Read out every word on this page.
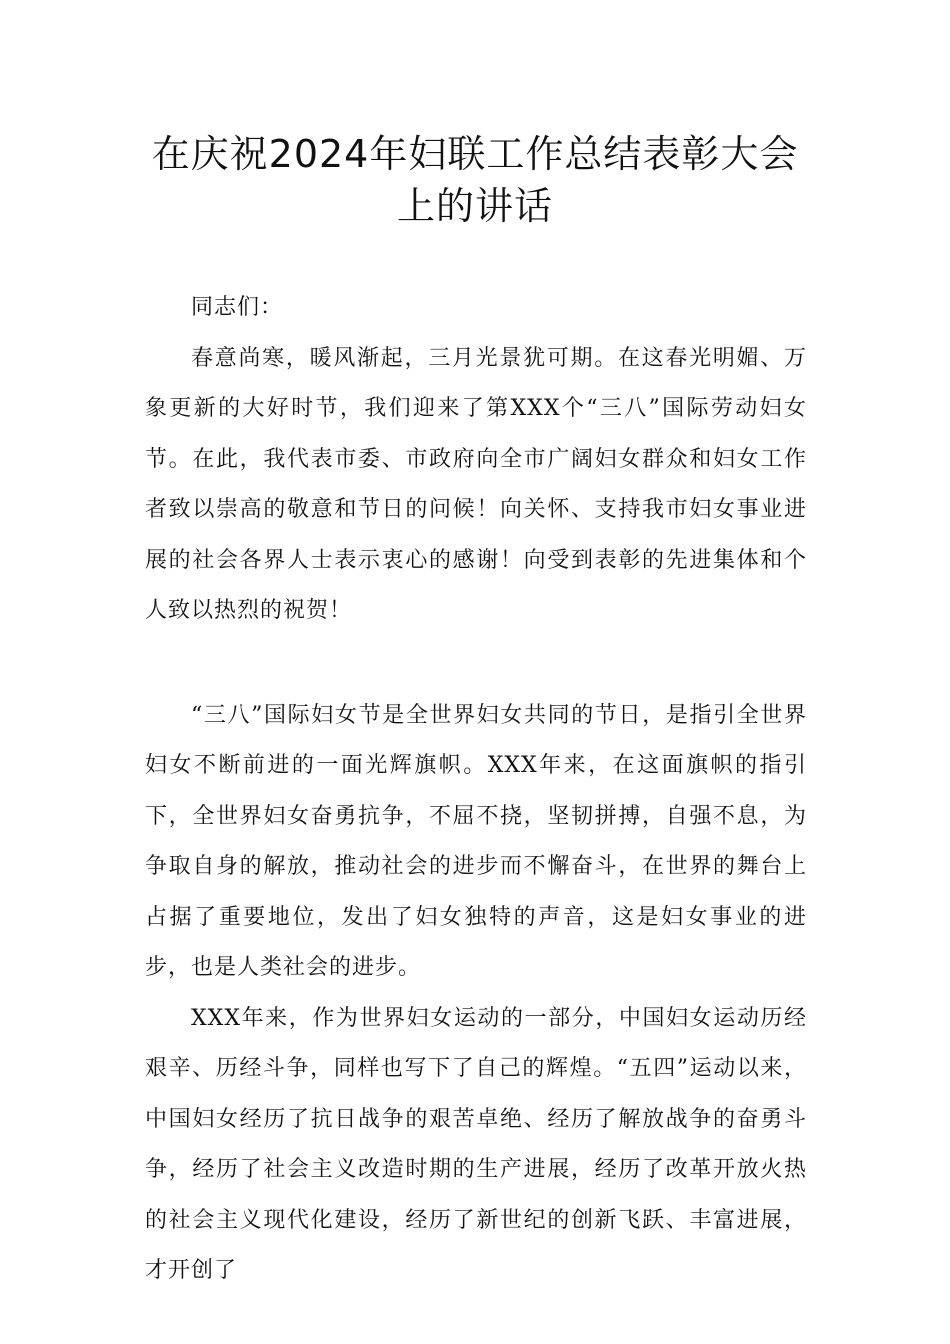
在庆祝2024年妇联工作总结表彰大会
上的讲话

同志们：

春意尚寒，暖风渐起，三月光景犹可期。在这春光明媚、万象更新的大好时节，我们迎来了第XXX个“三八”国际劳动妇女节。在此，我代表市委、市政府向全市广阔妇女群众和妇女工作者致以崇高的敬意和节日的问候！向关怀、支持我市妇女事业进展的社会各界人士表示衷心的感谢！向受到表彰的先进集体和个人致以热烈的祝贺！

“三八”国际妇女节是全世界妇女共同的节日，是指引全世界妇女不断前进的一面光辉旗帜。XXX年来，在这面旗帜的指引下，全世界妇女奋勇抗争，不屈不挠，坚韧拼搏，自强不息，为争取自身的解放，推动社会的进步而不懈奋斗，在世界的舞台上占据了重要地位，发出了妇女独特的声音，这是妇女事业的进步，也是人类社会的进步。

XXX年来，作为世界妇女运动的一部分，中国妇女运动历经艰辛、历经斗争，同样也写下了自己的辉煌。“五四”运动以来，中国妇女经历了抗日战争的艰苦卓绝、经历了解放战争的奋勇斗争，经历了社会主义改造时期的生产进展，经历了改革开放火热的社会主义现代化建设，经历了新世纪的创新飞跃、丰富进展，才开创了
